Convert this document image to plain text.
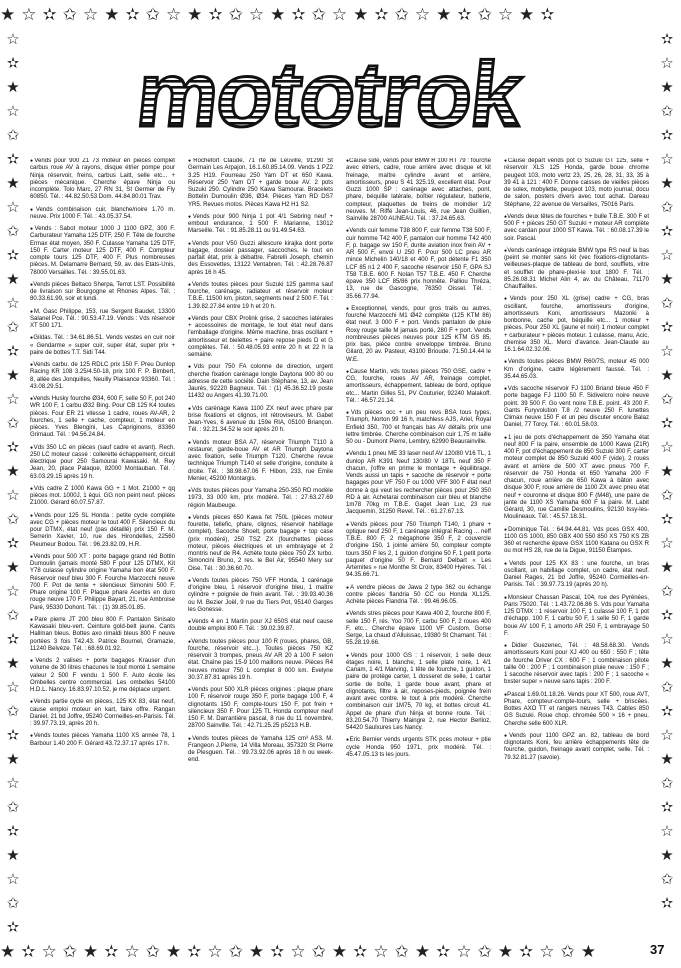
★☆✫✩☆★✫✩☆★✫✩☆★✫✩☆★✫✩☆★✫✩☆★✫
☆
✫
★
☆
✩
✫
★
☆
✩
✫
★
☆
✩
✫
★
☆
✩
✫
★
☆
✩
✫
★
☆
✩
✫
★
☆
✩
✫
★
☆
✩
✫
★
☆
✩
✫
✫
☆
★
✩
✫
☆
★
✩
✫
☆
★
✩
✫
☆
★
✩
✫
☆
★
✩
✫
☆
★
✩
✫
☆
★
✩
✫
☆
★
✩
✫
☆
★
✩
✫
★✫☆✩★✫☆✩★✫☆✩★✫☆✩★✫☆✩★✫☆✩★✫☆✩★
mototrok

● Vends pour 900 Z1 73 moteur en pièces complet carbus roue AV à rayons, disque étrier pompe pour Ninja réservoir, freins, carbus Laitt, selle etc... + pièces mécanique. Cherche épave Ninja ou incomplète. Tolo Marc, 27 RN 31, St Germer de Fly 60850. Tél. : 44.82.50.53 Dom. 44.84.80.01 Trav.

● Vends combinaison cuir, blanche/noire 1,70 m. neuve. Prix 1000 F. Tél. : 43.05.37.54.

● Vends : Sabot moteur 1000 J 1100 GPZ, 300 F. Carburateur Yamaha 125 DTF, 250 F. Tête de fourche Ermax état moyen, 350 F. Culasse Yamaha 125 DTF, 150 F. Carter moteur 125 DTF, 400 F. Compteur compte tours 125 DTF, 400 F. Plus nombreuses pièces. M. Delamarre Bernard, 59, av. des Etats-Unis, 78000 Versailles. Tél. : 39.55.01.63.

● Vends pièces Beltaco Sherpa, Terrot LST. Possibilité de livraison sur Bourgogne et Rhones Alpes. Tél. : 80.33.61.99, soir et lundi.

● M. Gasc Philippe, 153, rue Sergent Baudet, 13300 Salanel Pce. Tél. : 90.53.47.19. Vends : Vds réservoir XT 500 171.

● Gildas. Tél. : 34.61.86.51. Vends vestes en cuir noir « Gendarme » super cuir, super état, super prix + paire de bottes T.T. Sidi T44.

● Vends carbu. de 125 RDLC prix 150 F. Preu Dunlop Racing KR 108 3.25/4.50-18, prix 100 F. P. Bimbert, 8, allée des Jonquilles, Neuilly Plaisance 93360. Tél. : 43.08.29.51.

● Vends Husky fourche Ø34, 600 F, selle 50 F, pot 240 WR 100 F, 1 carbu Ø32 Bing. Pour CB 125 K4 toutes pièces. Four ER 21 vitesse 1 cadre, roues AV-AR, 2 fourches, 1 selle + cache, compteur, 1 moteur en pièces. Yves Blengini, Les Capriginons, 83360 Grimaud. Tél. : 94.56.24.84.

● Vds 350 LC en pièces (sauf cadre et avant). Rech. 250 LC moteur cassé : collerette échappement, circuit électrique pour 250 Samourai Kawasaki. M. Rey Jean, 20, place Palaque, 82000 Montauban. Tél. : 63.03.29.15 après 19 h.

● Vds cadre Z 1000 Kawa GG + 1 Mot. Z1000 + qq pièces mot. 1000J, 1 équi. GG non peint neuf. pièces Z1000. Gérard 60.07.57.87.

● Vends pour 125 SL Honda : petite cycle complète avec CG + pièces moteur le tout 400 F. Silencieux du pour DTMX, état neuf (pas détaillé) prix 150 F. M. Serrerin Xavier, 10, rue des Hirondelles, 22560 Pleumeur Bodou. Tél. : 96.23.82.09, H.R.

● Vends pour 500 XT : porte bagage grand réd Bottin Dumoulin (jamais monté 580 F pour 125 DTMX, Kit Y78 culasse cylindre origine Yamaha bon état 500 F. Réservoir neuf bleu 300 F. Fourche Marzocchi neuve 700 F. Pot de tente + silencieux Simonini 500 F. Phare origine 100 F. Plaque phare Acerbis en duro rouge neuve 170 F. Philippe Bayart, 21, rue Ambroise Paré, 95330 Dohont. Tél. : (1) 39.85.01.85.

● Pare pierre JT 200 bleu 800 F. Pantalon Sinisalo Kawasaki bleu-vert. Ceinture gold-belt jaune. Cants Hallman bleus. Bottes axo rimaldi bleus 800 F neuve portées 3 fois T42.43. Patrice Bournel, Gramazie, 11240 Belvèze. Tél. : 68.69.01.92.

● Vends 2 valises + porte bagages Krauser d'un volume de 30 litres chacunes le tout monté 1 semaine valeur 2 500 F vendu 1 500 F. Auto école les Ombelles centre commercial. Les ombelles 54100 H.D.L. Nancy. 16.83.97.10.52, je me déplace urgent.

● Vends partie cycle en pièces, 125 KX 83, état neuf, cause emploi moteur en kart, faire offre. Rangan Daniel, 21 bd Joffre, 95240 Cormeilles-en-Parisis. Tél. : 39.97.73.19, après 20 h.

● Vends toutes pièces Yamaha 1100 XS année 78, 1 Barbour 1.40 200 F. Gérard 43.72.37.17 après 17 h.

● Rochefort Claude, 71 rte de Leuville, 91290 St Germain Les Arpajon, 16.1.60.85.14.09. Vends 1 PZ2 3.25 H19. Fourreau 250 Yam DT et 650 Kawa. Réservoir 250 Yam DT + garde boue AV. 2 pots Suzuki 250. Cylindre 250 Kawa Samourai. Bracelets Bottelin Dumoulin Ø36, Ø34. Pièces Yam RD DS7 YR5. Revues motos. Pièces Kawa H2 H1 S2.

● Vends pour 900 Ninja 1 pot 4/1 Sebring neuf + embout endurance, 1 500 F. Marianne, 13012 Marseille. Tél. : 91.85.28.11 ou 91.49.54.63.

● Vends pour V50 Guzzi allescure kirajka dont porte bagage, dossier passager, saccoches, le tout en parfait état, prix à débattre. Fabrelli Joseph, chemin des Essovettes, 13122 Ventabren. Tél. : 42.28.76.87 après 16 h 45.

● Vends toutes pièces pour Suzuki 125 gamma sauf fourche, carénage, radiateur et réservoir moteur T.B.E. 11500 km, piston, segments neuf 2 500 F. Tél. : 1.39.82.27.84 entre 19 h et 20 h.

● Vends pour CBX Prolink grise, 2 sacoches latérales + accessoires de montage, le tout état neuf dans l'emballage d'origine. Même machine, bras oscillant + amortisseur et bielettes + paire repose pieds D et G complètes. Tél. : 50.48.05.93 entre 20 h et 22 h la semaine.

● Vds pour 750 FA colonne de direction, urgent cherche fixation carénage longle Daytona 900 80 ou adresse de cette société. Dain Stéphane, 13, av. Jean Jaurès, 92220 Bagneux. Tél. : (1) 45.36.52.19 poste 11432 ou Angers 41.39.71.00.

● Vds carénage Kawa 1100 ZX neuf avec phare par brise fixations et clignos, int rétroviseurs. M. Gabet Jean-Yves, 6 avenue du 159e RIA, 05100 Briançon. Tél. : 92.21.34.52 le soir après 20 h.

● Vends moteur BSA A7, réservoir Triumph T110 à restaurer, garde-boue AV et AR Triumph Daytona avec fixation, selle Triumph T120. Cherche revue technique Triumph T140 et selle d'origine, conduite à droite. Tél. : 38.98.67.06 F. Hibon, 233, rue Emile Menier, 45200 Montargis.

● Vds toutes pièces pour Yamaha 250-350 RD modèle 1973, 33 000 km, prix modéré. Tél. : 27.63.27.69 région Maubeuge.

● Vends pièces 650 Kawa fet 750L (pièces moteur fourette, tellefic, phare, clignos, réservoir habillage complet). Sacoche Shoelt, porte bagage + top case (prix modéré), 250 TSZ ZX (fourchettes pièces moteur, pièces électriques et un embrayage et 2 montris neuf de R4. Achète toute pièce 750 ZX turbo. Simoncini Bruno, 2 res. le Bel Air, 95540 Mery sur Oise. Tél. : 30.36.60.70.

● Vends toutes pièces 750 VFF Honda, 1 carénage d'origine bleu, 1 réservoir d'origine bleu, 1 maître cylindre + poignée de frein avant. Tél. : 39.93.40.36 ou M. Bezier Joël, 9 rue du Tiers Pot, 95140 Garges les Gonesse.

● Vends 4 en 1 Martin pour XJ 650S état neuf cause double emploi 800 F. Tél. : 39.02.39.87.

● Vends toutes pièces pour 100 R (roues, phares, GB, fourche, réservoir etc...). Toutes pièces 750 KZ réservoir 3 trompes, pneus AV AR 20 à 100 F selon état. Chaîne pas 15-9 100 maillons neuve. Pièces R4 neuves moteur 750 L complet 8 000 km. Evelyne 30.37.87.81 après 19 h.

● Vends pour 500 XLR pièces origines : plaque phare 100 F, réservoir rouge 350 F, porte bagage 100 F, 4 clignotants 150 F, compte-tours 150 F, pot frein + silencieux 350 F. Pour 125 TL Honda compteur neuf 150 F. M. Darrantiére pascal, 8 rue du 11 novembre, 28700 Sainville. Tél. : 42.71.25.25 p5213 H.B.

● Vends toutes pièces de Yamaha 125 cm³ AS3. M. Frangeon J.Pierre, 14 Villa Moreau, 357320 St Pierre de Plesguen. Tél. : 99.73.92.06 après 18 h ou week-end.

● Cause side, vends pour BMW R 100 RT 79 : fourche avec étriers, cadre, roue arrière avec disque et kit freinage, maître cylindre avant et arrière, amortisseurs, pneu S 41 325.19, excellent état. Pour Guzzi 1000 SP : carénage avec attaches, pont, phare, béquille latérale, boîtier régulateur, batterie, compteur, plaquettes de freins de moindier 1/2 neuves. M. Riffé Jean-Louis, 46, rue Jean Guillien, Sainville 28700 AUNEAU. Tél. : 37.24.65.63.

● Vends cuir femme T38 800 F, cuir femme T38 500 F, cuir homme T42 400 F, pantalon cuir homme T42 400 F, p. bagage sw 150 F, durite aviation inox frein AV + AR 500 F, envoi U 250 F. Pour 500 LC pneu AR mince Michelin 140/18 et 400 F, pot détente F1 350 LCF 85 n1 2 400 F, sacoche réservoir 150 F, GPA SJ T58 T.B.E. 600 F. Nolan T57 T.B.E. 450 F. Cherche épave 350 LCF 85/86 prix honnête. Palliou Thréza, 13, rue de Gascogne, 76350 Oissel. Tél. : 35.66.77.94.

● Exceptionnel, vends, pour gros trails ou autres, fourche Marzocchi M1 Ø42 complète (125 KTM 86) état neuf. 3 000 F + port. Vends pantalon de pluie Roxy rouge taille M jamais porté, 280 F + port. Vends nombreuses pièces neuves pour 125 KTM GS 85, prix bas, pièce contre enveloppe timbrée. Bruno Gilard, 20 av. Pasteur, 43100 Brioude. 71.50.14.44 le W.E.

● Cause Martin, vds toutes pièces 750 GSE, cadre + CG, fourche, roues AV AR, freinage complet, amortisseurs, échappement, tableau de bord, optique etc... Martin Gilles 51, PV Couturier, 92240 Malakoff. Tél. : 46.57.21.14.

● Vds pièces occ + un peu revs BSA tous types, Triumph, Norton 99 16 h, matchless AJS, Ariel, Royal Enfield 350, 700 et français bas AV détails prix une lettre timbrée. Cherche combinaison cuir 1,75 m taille 50 ou - Dumont Pierre, Lembry, 62990 Beaurainville.

● Vendu 1 pneu ME 33 laser neuf AV 120/80 V16 TL, 1 dunlop AR K391 Neuf 130/80 V 18TL neuf 350 F chacun, j'offre en prime le montage + équilibrage. Vends aussi un tapis + sacoche de réservoir + porte bagages pour VF 750 F ou 1000 VFF 300 F état neuf donne à qui veut les rechercher pièces pour 250 350 RD à air. Achetarai combinaison cuir bleu et blanche 1m78 70kg m T.B.E. Gaget Jean Luc, 23 rue Jacquemin, 31250 Revel. Tél. : 61.27.67.13.

● Vends pièces pour 750 Triumph T140, 1 phare + optique neuf 250 F, 1 carénage intégral Racing ... neff T.B.E. 800 F, 2 mégaphone 350 F, 2 couvercle d'origine 150, 1 jointe arrière 50, compteur compte tours 350 F les 2, 1 guidon d'origine 50 F, 1 petit porte paquet d'origine 50 F. Bernard Delbart « Les Artemites » rue Monthe St Croix, 83400 Hyères. Tél. : 94.35.66.71.

● A vendre pièces de Jawa 2 type 362 ou échange contre pièces flandria 50 CC ou Honda XL125. Achète pièces Flandria Tél. : 99.46.96.05.

● Vends stres pièces pour Kawa 400 Z, fourche 800 F, selle 150 F, rés. Yoo 700 F, carbu 500 F, 2 roues 400 F, etc... Cherche épave 1100 VF Custom. Gorse Serge, La chaud d'Alluissac, 19380 St Chamant. Tél. : 55.28.19.66.

● Vends pour 1000 GS : 1 réservoir, 1 selle deux étages noire, 1 blanche, 1 selle plate noire, 1 4/1 Canam, 1 4/1 Marving, 1 tête de fourche, 1 guidon, 1 paire de protège carter, 1 dosseret de selle, 1 carter sortie de boîte, 1 garde boue avant, phare et clignotants, filtre à air, reposes-pieds, poignée frein avant avec contre. le tout à prix modéré. Cherche combinaison cuir 1M75, 70 kg, et bottes circuit 41. Appel de phare d'un Ninja et bonne route. Tél. : 83.20.54.70 Thierry Maingre 2, rue Hector Berlioz, 54420 Saulxures Les Nancy.

● Eric Bernier vends urgents STK pces moteur + ptie cycle Honda 950 1971, prix modéré. Tél. : 45.47.05.13 ts les jours.

● Cause départ vends pot G Suzuki GT 125, selle + réservoir XLS 125 Honda, garde boue chrome peugeot 103, moto vertz 23, 25, 26, 28, 31, 33, 35 à 39 41 à 121 : 400 F. Donne caisses de vieilles pièces de solex, mobylette, peugeot 103, moto journal, docu de salon, posters divers avec tout achat. Dareau Stéphane, 22 avenue de Versailles, 75016 Paris.

● Vends deux têtes de fourches + bulle T.B.E. 300 F et 500 F + pièces 250 GT Suzuki + moteur AR complète avec cardan pour 1000 ST Kawa. Tél. : 60.08.17.39 le soir. Pascal.

● Vends carénage intégrale BMW type RS neuf la bas (peint se monter sans kit (vec fixations-clignotants-veilleuses-plaque de tableau de bord, soufflets, vitre et soufflet de phare-plexi-le tout 1800 F. Tél. : 85.26.08.31 Michel Alin 4, av. du Château, 71170 Chauffailles.

● Vends pour 250 XL (grise) cadre + CG, bras oscillant, fourche, amortisseurs d'origine, amortisseurs Koni, amortisseurs Mazonki à bonbonne, cache pot, béquille etc... 1 moteur + pièces. Pour 250 XL (jaune et noir) 1 moteur complet + carburateur + pièces moteur. 1 culasse, manu, Acic, chemise 350 XL. Merci d'avance. Jean-Claude au 16.1.64.02.32.06.

● Vends toutes pièces BMW R60/7S, moteur 45 000 Km d'origine, cadre légèrement faussé. Tél. : 35.44.65.03.

● Vds sacoche réservoir FJ 1100 Briand bleue 450 F porte bagage FJ 1100 50 F. Sidivelcro noire neuve point. 39 500 F. Go vent noire T.B.E. point. 43 200 F. Gants Furyvolution T.8 /2 neuve 250 F. lunettes Climax neuve 150 F et un peu discuter encore Balaz Daniel, 77 Torcy. Tél. : 60.01.58.03.

● 1 jeu de pots d'échappement de 350 Yamaha état neuf 800 F la paire, ensemble de 1000 Kawa (Z1R) 400 F, pot d'échappement de 850 Suzuki 300 F, carter moteur complet de 850 Suzuki 400 F (vide), 2 roues avant et arrière de 500 XT avec pneus 700 F, réservoir de 750 Honda et 650 Yamaha 200 F chacun, roue arrière de 650 Kawa à bâton avec disque 300 F, roue arrière de 1100 ZX avec pneu état neuf + couronne et disque 800 F (M48), une paire de jante de 1100 XS Yamaha 600 F la paire. M. Labit Gérard, 30, rue Camille Desmoulins, 92130 Issy-les-Moulineaux. Tél. : 45.57.18.31.

● Dominique Tél. : 64.94.44.81. Vds pces GSX 400, 1100 GS 1000, 850 GBX 400 550 850 XS 750 KS ZB 360 et recherche épave GSX 1100 Katana ou GSX R ou mot HS 28, rue de la Digue, 91150 Étampes.

● Vends pour 125 KX 83 : une fourche, un bras oscillant, un habillage complet, un cadre, état neuf. Daniel Rages, 21 bd Joffre, 95240 Cormeilles-en-Parisis. Tél. : 39.97.73.19 (après 20 h).

● Monsieur Chassan Pascal, 104, rue des Pyrénées, Paris 75020. Tél. : 1.43.72.06.86 S. Vds pour Yamaha 125 DTMX : 1 réservoir 100 F, 1 culasse 100 F, 1 pot d'échapp. 100 F, 1 carbu 50 F, 1 selle 50 F, 1 garde boue AV 100 F, 1 amorto AR 250 F, 1 embrayage 50 F.

● Didier Guezenec, Tél. : 48.58.68.30. Vends amortisseurs Koni pour XJ 400 ou 650 : 550 F ; tête de fourche Driver CX : 600 F ; 1 combinaison pilote taille 00 : 200 F ; 1 combinaison pluie neuve : 150 F ; 1 sacoche réservoir avec tapis : 200 F ; 1 sacoche « bxster super » neuve sans tapis : 200 F.

● Pascal 1.69.01.18.26. Vends pour XT 500, roue AVT, Phare, compteur-compte-tours, selle + briscées. Bottes AXO TT et rangers neuves T43. Cables 850 GS Suzuki. Roue chop. chromée 500 × 16 + pneu. Cherche selle 600 XLR.

● Vends pour 1100 GPZ an. 82, tableau de bord clignotants Koni, feu arrière échappements tête de fourche, guidon, freinage avant complet, selle. Tél. : 79.32.81.27 (savoie).

37
